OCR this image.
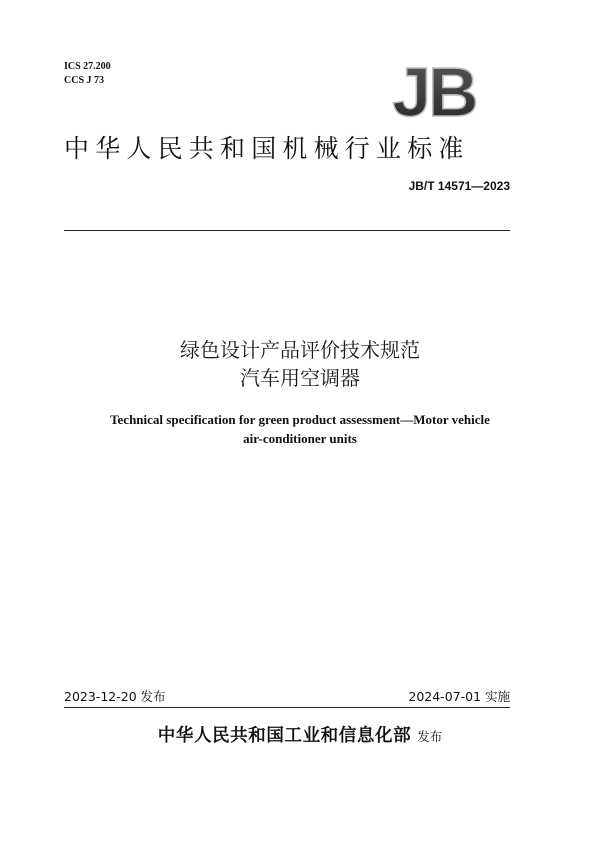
ICS 27.200
CCS J 73	JB
中华人民共和国机械行业标准
JB/T 14571—2023
绿色设计产品评价技术规范
汽车用空调器
Technical specification for green product assessment—Motor vehicle
air-conditioner units
2023-12-20 发布	2024-07-01 实施
中华人民共和国工业和信息化部 发布
